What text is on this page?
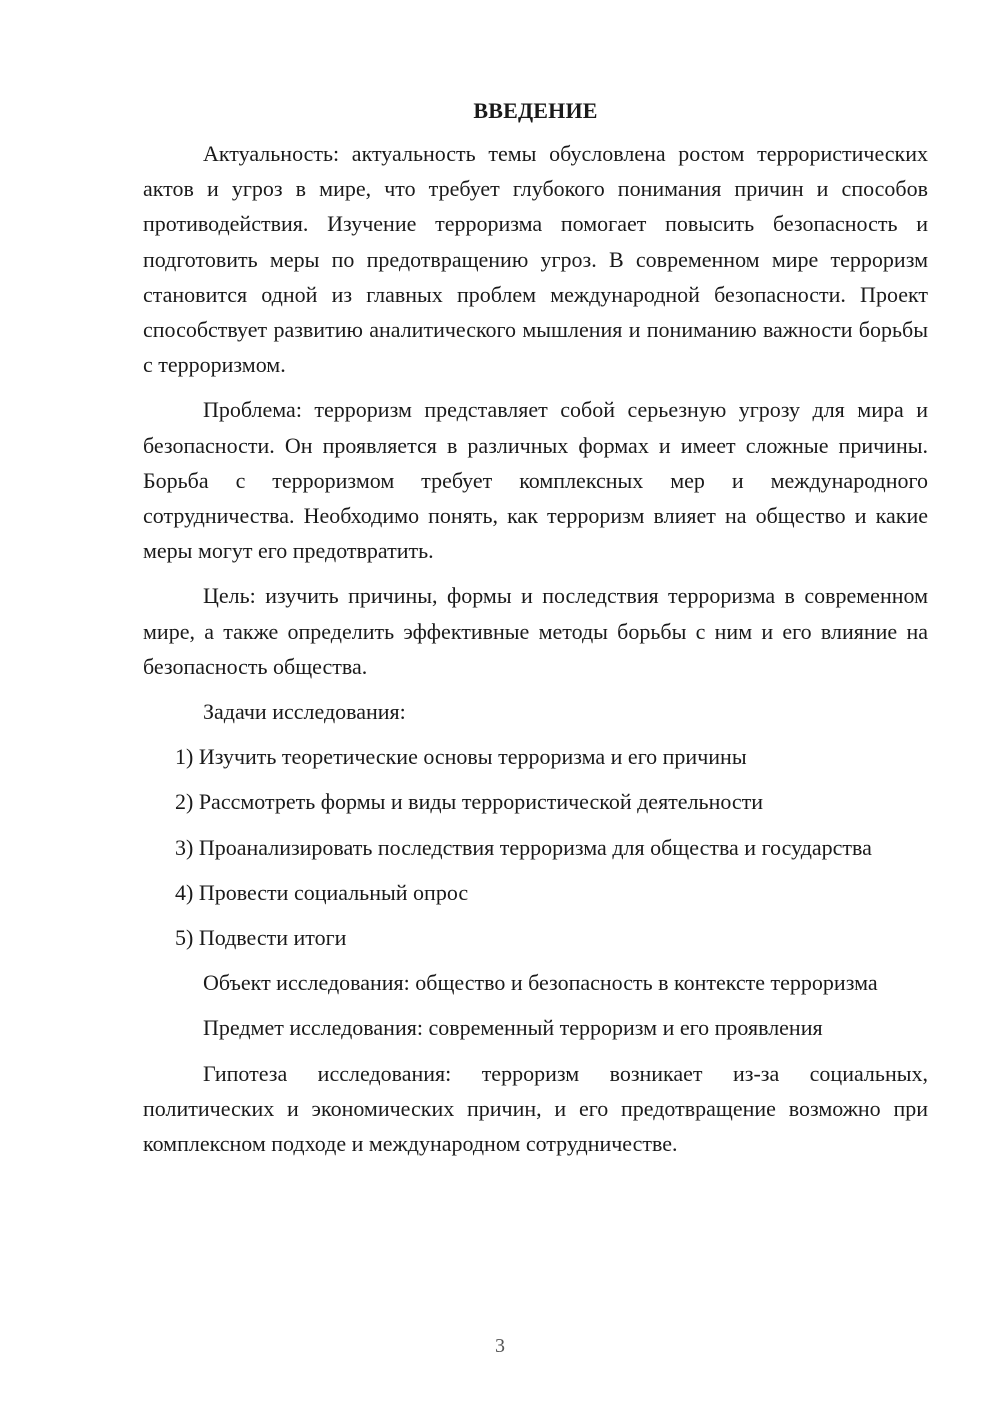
ВВЕДЕНИЕ

Актуальность: актуальность темы обусловлена ростом террористических актов и угроз в мире, что требует глубокого понимания причин и способов противодействия. Изучение терроризма помогает повысить безопасность и подготовить меры по предотвращению угроз. В современном мире терроризм становится одной из главных проблем международной безопасности. Проект способствует развитию аналитического мышления и пониманию важности борьбы с терроризмом.

Проблема: терроризм представляет собой серьезную угрозу для мира и безопасности. Он проявляется в различных формах и имеет сложные причины. Борьба с терроризмом требует комплексных мер и международного сотрудничества. Необходимо понять, как терроризм влияет на общество и какие меры могут его предотвратить.

Цель: изучить причины, формы и последствия терроризма в современном мире, а также определить эффективные методы борьбы с ним и его влияние на безопасность общества.

Задачи исследования:

1) Изучить теоретические основы терроризма и его причины

2) Рассмотреть формы и виды террористической деятельности

3) Проанализировать последствия терроризма для общества и государства

4) Провести социальный опрос

5) Подвести итоги

Объект исследования: общество и безопасность в контексте терроризма

Предмет исследования: современный терроризм и его проявления

Гипотеза исследования: терроризм возникает из-за социальных, политических и экономических причин, и его предотвращение возможно при комплексном подходе и международном сотрудничестве.

3
